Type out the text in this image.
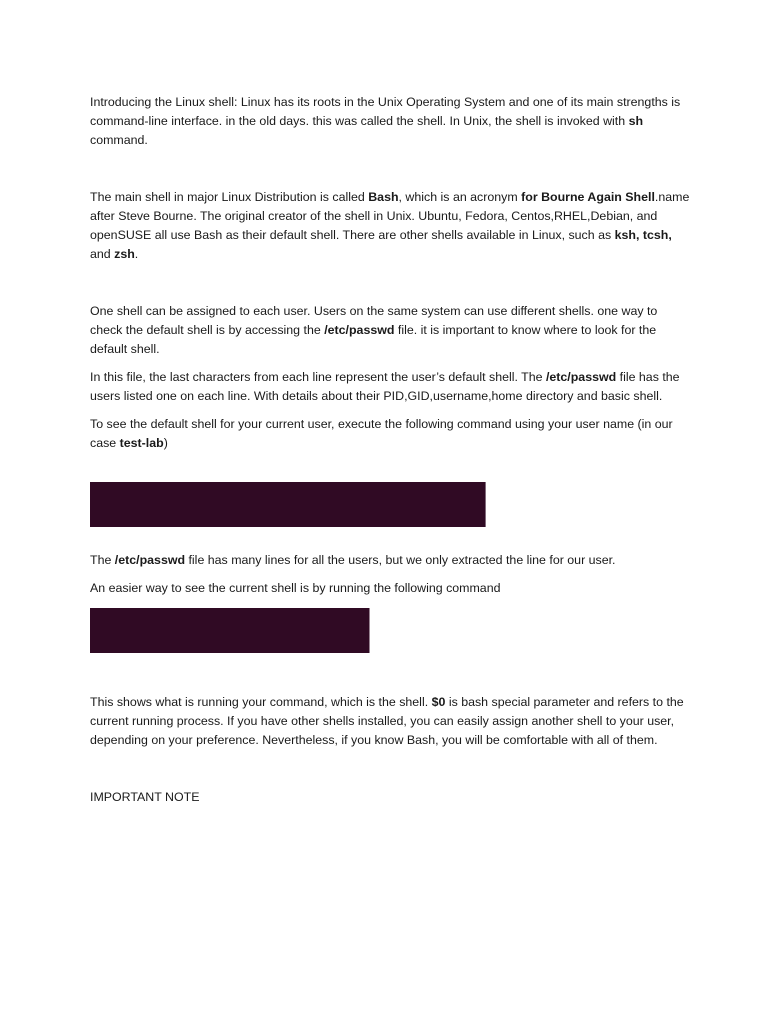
Introducing the Linux shell: Linux has its roots in the Unix Operating System and one of its main strengths is command-line interface. in the old days. this was called the shell. In Unix, the shell is invoked with sh command.

The main shell in major Linux Distribution is called Bash, which is an acronym for Bourne Again Shell.name after Steve Bourne. The original creator of the shell in Unix. Ubuntu, Fedora, Centos,RHEL,Debian, and openSUSE all use Bash as their default shell. There are other shells available in Linux, such as ksh, tcsh, and zsh.

One shell can be assigned to each user. Users on the same system can use different shells. one way to check the default shell is by accessing the /etc/passwd file. it is important to know where to look for the default shell.

In this file, the last characters from each line represent the user’s default shell. The /etc/passwd file has the users listed one on each line. With details about their PID,GID,username,home directory and basic shell.

To see the default shell for your current user, execute the following command using your user name (in our case test-lab)

The /etc/passwd file has many lines for all the users, but we only extracted the line for our user.

An easier way to see the current shell is by running the following command

This shows what is running your command, which is the shell. $0 is bash special parameter and refers to the current running process. If you have other shells installed, you can easily assign another shell to your user, depending on your preference. Nevertheless, if you know Bash, you will be comfortable with all of them.

IMPORTANT NOTE
